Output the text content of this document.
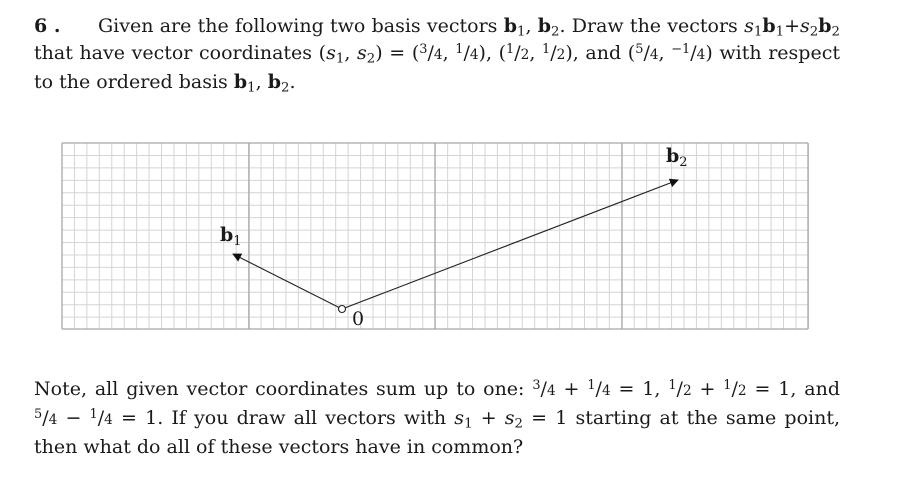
6 . Given are the following two basis vectors $b_1$, $b_2$. Draw the vectors $s_1b_1+s_2b_2$ that have vector coordinates ($s_1$, $s_2) = (^3/4$, $^1$/4), ($^1$/2, $^1$/2), and ($^5$/4, $^{-1}$/4) with respect to the ordered basis $b_1$, $b_2$.

$b_1$
$b_2$
0

Note, all given vector coordinates sum up to one: $^3$/4 + $^1$/4 = 1, $^1$/2 + $^1$/2 = 1, and $^5$/4 − $^1$/4 = 1. If you draw all vectors with $s_1 + s_2 = 1$ starting at the same point, then what do all of these vectors have in common?
